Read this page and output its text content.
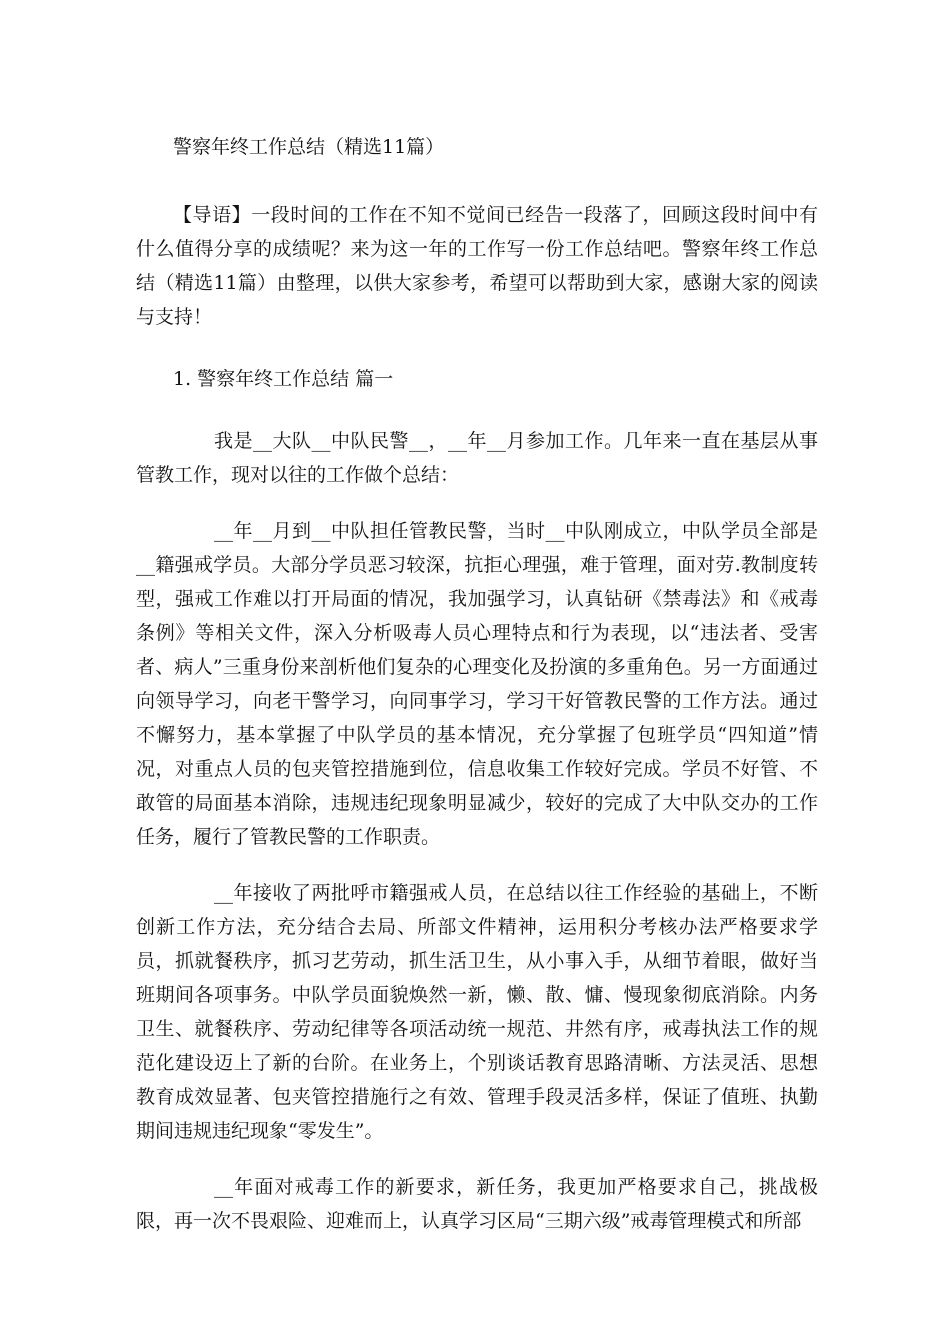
警察年终工作总结（精选11篇）

【导语】一段时间的工作在不知不觉间已经告一段落了，回顾这段时间中有什么值得分享的成绩呢？来为这一年的工作写一份工作总结吧。警察年终工作总结（精选11篇）由整理，以供大家参考，希望可以帮助到大家，感谢大家的阅读与支持！

1. 警察年终工作总结 篇一

我是__大队__中队民警__，__年__月参加工作。几年来一直在基层从事管教工作，现对以往的工作做个总结：

__年__月到__中队担任管教民警，当时__中队刚成立，中队学员全部是__籍强戒学员。大部分学员恶习较深，抗拒心理强，难于管理，面对劳.教制度转型，强戒工作难以打开局面的情况，我加强学习，认真钻研《禁毒法》和《戒毒条例》等相关文件，深入分析吸毒人员心理特点和行为表现，以“违法者、受害者、病人”三重身份来剖析他们复杂的心理变化及扮演的多重角色。另一方面通过向领导学习，向老干警学习，向同事学习，学习干好管教民警的工作方法。通过不懈努力，基本掌握了中队学员的基本情况，充分掌握了包班学员“四知道”情况，对重点人员的包夹管控措施到位，信息收集工作较好完成。学员不好管、不敢管的局面基本消除，违规违纪现象明显减少，较好的完成了大中队交办的工作任务，履行了管教民警的工作职责。

__年接收了两批呼市籍强戒人员，在总结以往工作经验的基础上，不断创新工作方法，充分结合去局、所部文件精神，运用积分考核办法严格要求学员，抓就餐秩序，抓习艺劳动，抓生活卫生，从小事入手，从细节着眼，做好当班期间各项事务。中队学员面貌焕然一新，懒、散、慵、慢现象彻底消除。内务卫生、就餐秩序、劳动纪律等各项活动统一规范、井然有序，戒毒执法工作的规范化建设迈上了新的台阶。在业务上，个别谈话教育思路清晰、方法灵活、思想教育成效显著、包夹管控措施行之有效、管理手段灵活多样，保证了值班、执勤期间违规违纪现象“零发生”。

__年面对戒毒工作的新要求，新任务，我更加严格要求自己，挑战极限，再一次不畏艰险、迎难而上，认真学习区局“三期六级”戒毒管理模式和所部
